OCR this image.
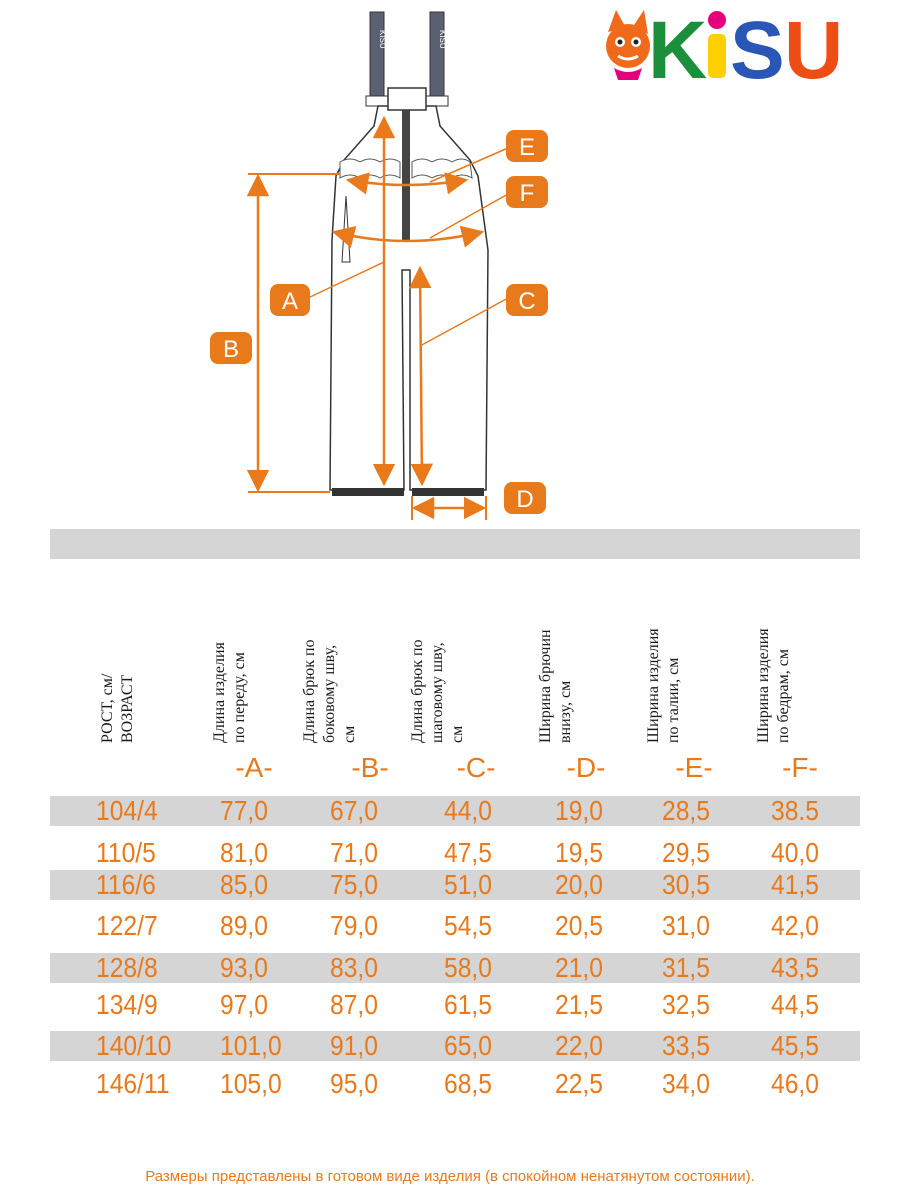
K S U
KISU	KISU
A
B
C
D
E
F
РОСТ, см/ ВОЗРАСТ	Длина изделия по переду, см	Длина брюк по боковому шву, см	Длина брюк по шаговому шву, см	Ширина брючин внизу, см	Ширина изделия по талии, см	Ширина изделия по бедрам, см
-A-	-B-	-C-	-D-	-E-	-F-
104/4 77,0 67,0 44,0 19,0 28,5 38.5
110/5 81,0 71,0 47,5 19,5 29,5 40,0
116/6 85,0 75,0 51,0 20,0 30,5 41,5
122/7 89,0 79,0 54,5 20,5 31,0 42,0
128/8 93,0 83,0 58,0 21,0 31,5 43,5
134/9 97,0 87,0 61,5 21,5 32,5 44,5
140/10 101,0 91,0 65,0 22,0 33,5 45,5
146/11 105,0 95,0 68,5 22,5 34,0 46,0
Размеры представлены в готовом виде изделия (в спокойном ненатянутом состоянии).
